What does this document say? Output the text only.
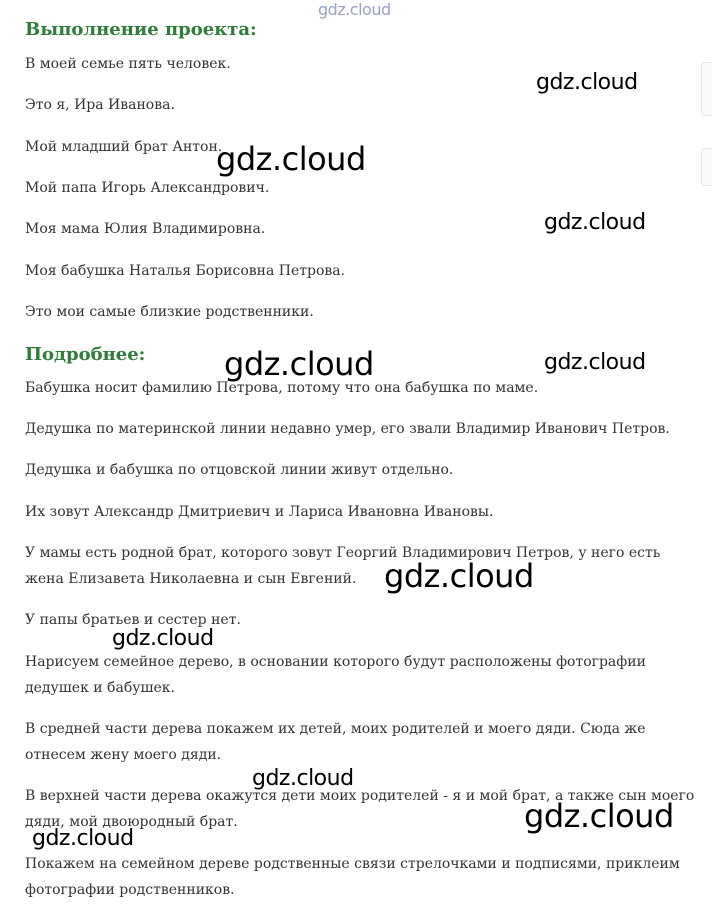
Выполнение проекта:

В моей семье пять человек.

Это я, Ира Иванова.

Мой младший брат Антон.

Мой папа Игорь Александрович.

Моя мама Юлия Владимировна.

Моя бабушка Наталья Борисовна Петрова.

Это мои самые близкие родственники.

Подробнее:

Бабушка носит фамилию Петрова, потому что она бабушка по маме.

Дедушка по материнской линии недавно умер, его звали Владимир Иванович Петров.

Дедушка и бабушка по отцовской линии живут отдельно.

Их зовут Александр Дмитриевич и Лариса Ивановна Ивановы.

У мамы есть родной брат, которого зовут Георгий Владимирович Петров, у него есть жена Елизавета Николаевна и сын Евгений.

У папы братьев и сестер нет.

Нарисуем семейное дерево, в основании которого будут расположены фотографии дедушек и бабушек.

В средней части дерева покажем их детей, моих родителей и моего дяди. Сюда же отнесем жену моего дяди.

В верхней части дерева окажутся дети моих родителей - я и мой брат, а также сын моего дяди, мой двоюродный брат.

Покажем на семейном дереве родственные связи стрелочками и подписями, приклеим фотографии родственников.

gdz.cloud
gdz.cloud
gdz.cloud
gdz.cloud
gdz.cloud	gdz.cloud
gdz.cloud
gdz.cloud
gdz.cloud
gdz.cloud
gdz.cloud
